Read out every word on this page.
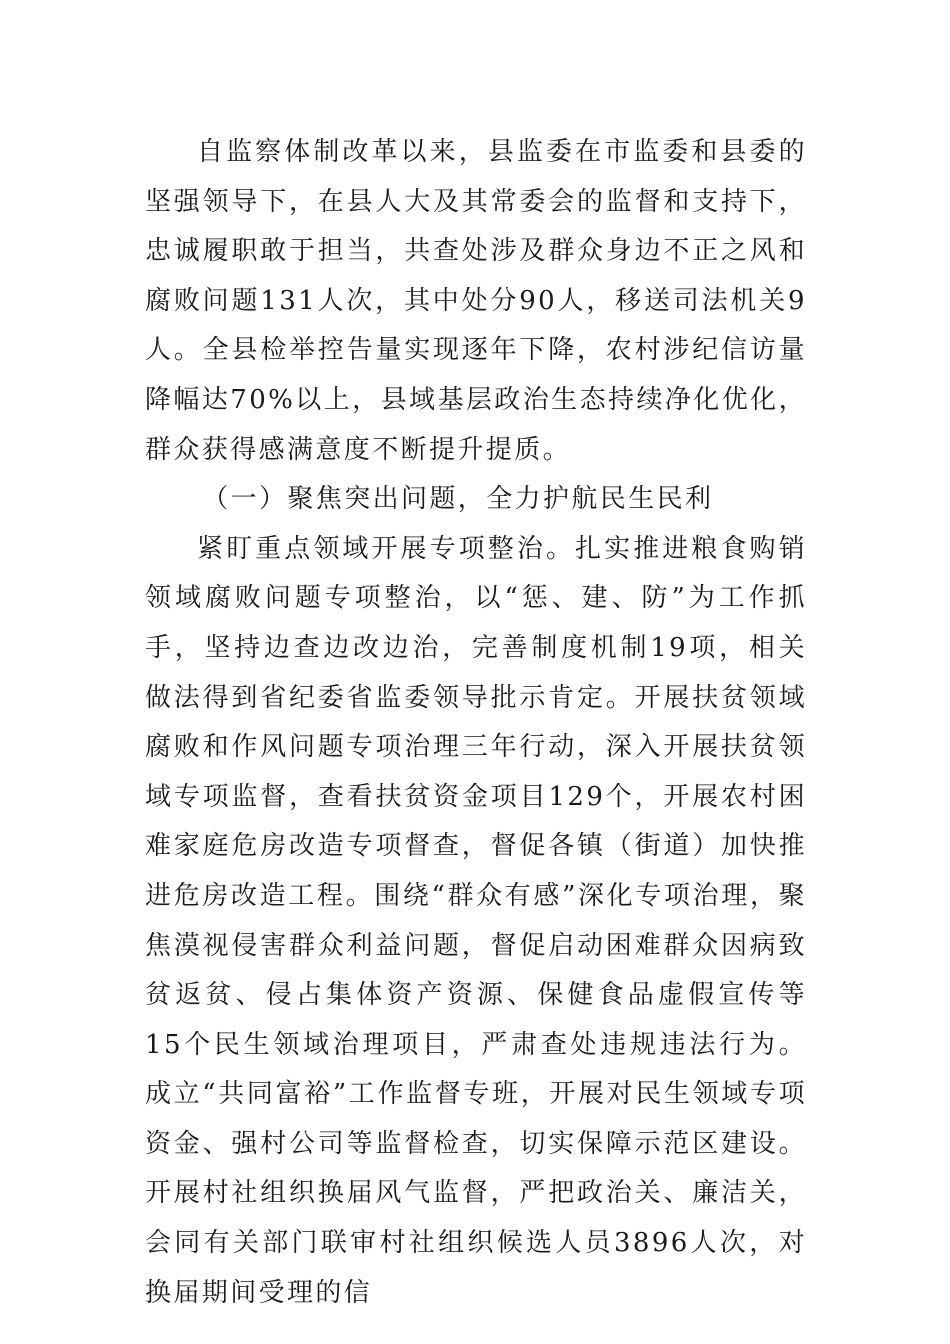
自监察体制改革以来，县监委在市监委和县委的坚强领导下，在县人大及其常委会的监督和支持下，忠诚履职敢于担当，共查处涉及群众身边不正之风和腐败问题131人次，其中处分90人，移送司法机关9人。全县检举控告量实现逐年下降，农村涉纪信访量降幅达70%以上，县域基层政治生态持续净化优化，群众获得感满意度不断提升提质。

（一）聚焦突出问题，全力护航民生民利

紧盯重点领域开展专项整治。扎实推进粮食购销领域腐败问题专项整治，以“惩、建、防”为工作抓手，坚持边查边改边治，完善制度机制19项，相关做法得到省纪委省监委领导批示肯定。开展扶贫领域腐败和作风问题专项治理三年行动，深入开展扶贫领域专项监督，查看扶贫资金项目129个，开展农村困难家庭危房改造专项督查，督促各镇（街道）加快推进危房改造工程。围绕“群众有感”深化专项治理，聚焦漠视侵害群众利益问题，督促启动困难群众因病致贫返贫、侵占集体资产资源、保健食品虚假宣传等15个民生领域治理项目，严肃查处违规违法行为。成立“共同富裕”工作监督专班，开展对民生领域专项资金、强村公司等监督检查，切实保障示范区建设。开展村社组织换届风气监督，严把政治关、廉洁关，会同有关部门联审村社组织候选人员3896人次，对换届期间受理的信
